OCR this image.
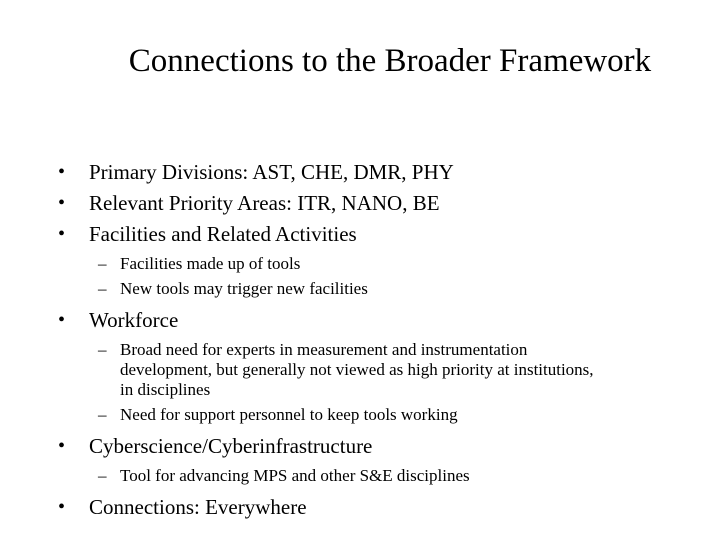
Connections to the Broader Framework
•	Primary Divisions: AST, CHE, DMR, PHY
•	Relevant Priority Areas: ITR, NANO, BE
•	Facilities and Related Activities
– Facilities made up of tools
– New tools may trigger new facilities
•	Workforce
– Broad need for experts in measurement and instrumentation development, but generally not viewed as high priority at institutions, in disciplines
– Need for support personnel to keep tools working
•	Cyberscience/Cyberinfrastructure
– Tool for advancing MPS and other S&E disciplines
•	Connections: Everywhere
